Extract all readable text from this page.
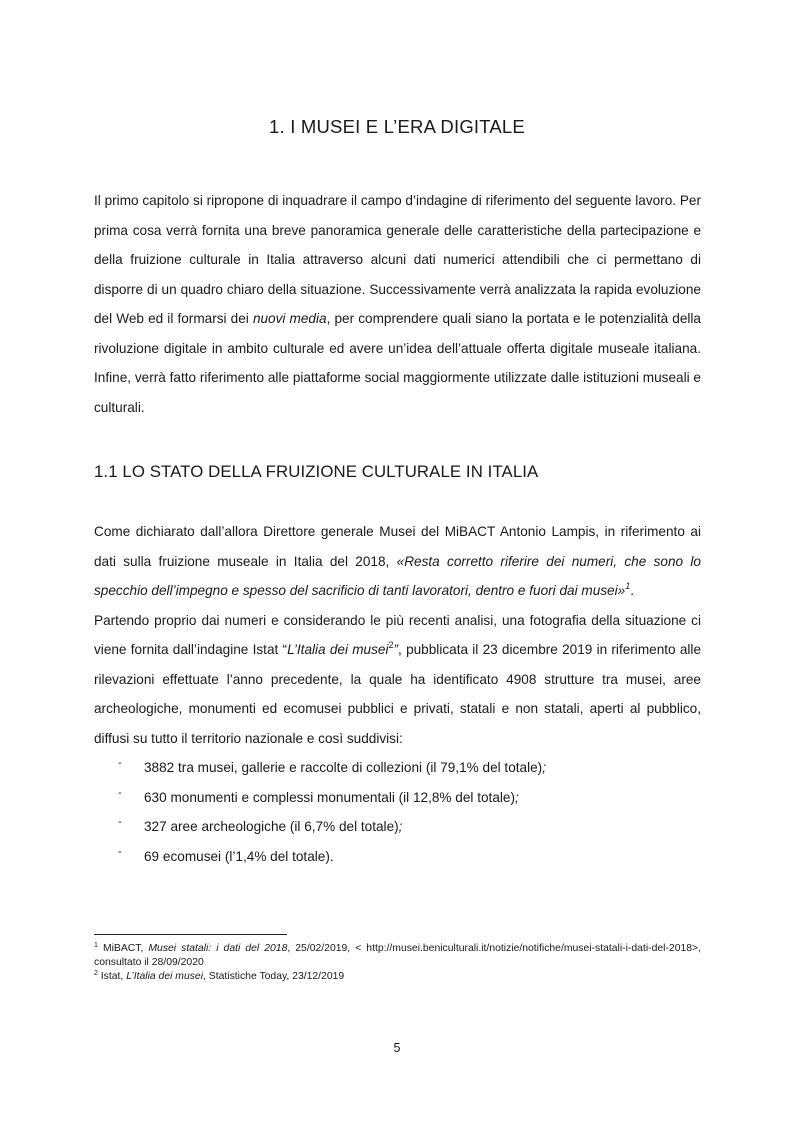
1. I MUSEI E L’ERA DIGITALE

Il primo capitolo si ripropone di inquadrare il campo d’indagine di riferimento del seguente lavoro. Per prima cosa verrà fornita una breve panoramica generale delle caratteristiche della partecipazione e della fruizione culturale in Italia attraverso alcuni dati numerici attendibili che ci permettano di disporre di un quadro chiaro della situazione. Successivamente verrà analizzata la rapida evoluzione del Web ed il formarsi dei nuovi media, per comprendere quali siano la portata e le potenzialità della rivoluzione digitale in ambito culturale ed avere un’idea dell’attuale offerta digitale museale italiana. Infine, verrà fatto riferimento alle piattaforme social maggiormente utilizzate dalle istituzioni museali e culturali.

1.1 LO STATO DELLA FRUIZIONE CULTURALE IN ITALIA

Come dichiarato dall’allora Direttore generale Musei del MiBACT Antonio Lampis, in riferimento ai dati sulla fruizione museale in Italia del 2018, «Resta corretto riferire dei numeri, che sono lo specchio dell’impegno e spesso del sacrificio di tanti lavoratori, dentro e fuori dai musei»$^1$.

Partendo proprio dai numeri e considerando le più recenti analisi, una fotografia della situazione ci viene fornita dall’indagine Istat “L’Italia dei musei$^2$”, pubblicata il 23 dicembre 2019 in riferimento alle rilevazioni effettuate l’anno precedente, la quale ha identificato 4908 strutture tra musei, aree archeologiche, monumenti ed ecomusei pubblici e privati, statali e non statali, aperti al pubblico, diffusi su tutto il territorio nazionale e così suddivisi:

- 3882 tra musei, gallerie e raccolte di collezioni (il 79,1% del totale);
- 630 monumenti e complessi monumentali (il 12,8% del totale);
- 327 aree archeologiche (il 6,7% del totale);
- 69 ecomusei (l’1,4% del totale).

$^1$ MiBACT, Musei statali: i dati del 2018, 25/02/2019, < http://musei.beniculturali.it/notizie/notifiche/musei-statali-i-dati-del-2018>, consultato il 28/09/2020

$^2$ Istat, L’Italia dei musei, Statistiche Today, 23/12/2019

5
